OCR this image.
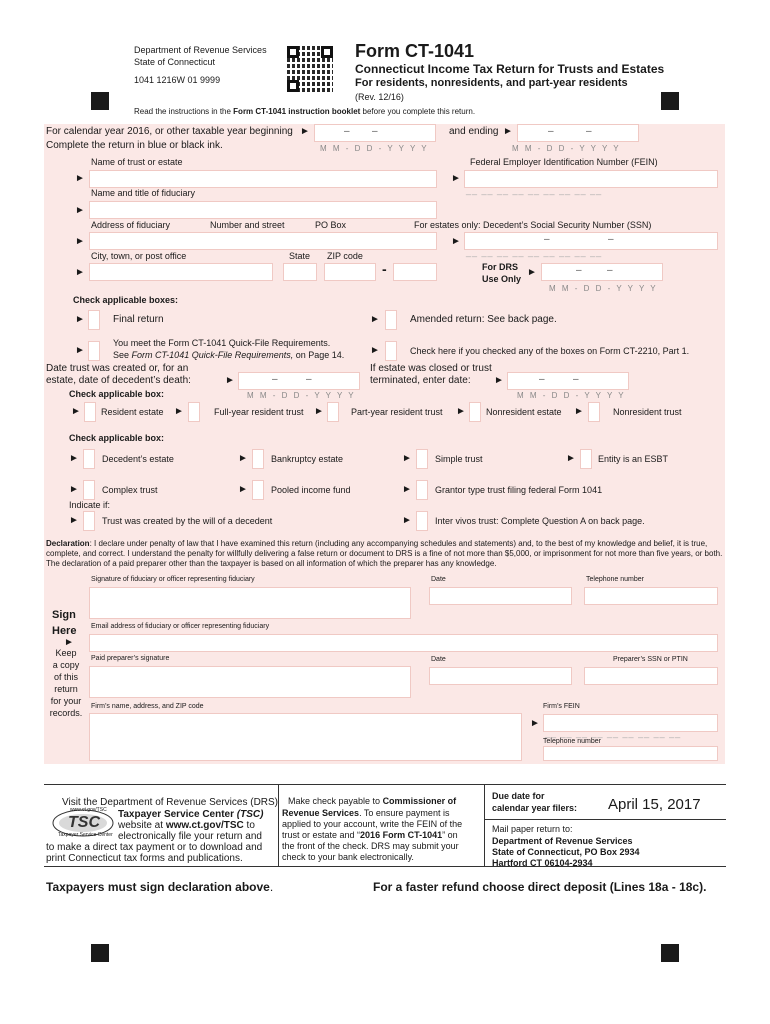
Department of Revenue Services
State of Connecticut
1041 1216W 01 9999
Form CT-1041
Connecticut Income Tax Return for Trusts and Estates
For residents, nonresidents, and part-year residents
(Rev. 12/16)
Read the instructions in the Form CT-1041 instruction booklet before you complete this return.
For calendar year 2016, or other taxable year beginning ►	– –
M M - D D - Y Y Y Y
Complete the return in blue or black ink.
and ending ►	–	–
M M - D D - Y Y Y Y
Name of trust or estate	Federal Employer Identification Number (FEIN)
►	►
__ __ __ __ __ __ __ __ __
Name and title of fiduciary
►
Address of fiduciary	Number and street	PO Box	For estates only: Decedent’s Social Security Number (SSN)
►	►	–	–
__ __ __ __ __ __ __ __ __
City, town, or post office	State ZIP code
►	-	For DRS
Use Only
►	–	–
M M - D D - Y Y Y Y
Check applicable boxes:
►	Final return	►	Amended return: See back page.
►
You meet the Form CT-1041 Quick-File Requirements.
See Form CT-1041 Quick-File Requirements, on Page 14.	►	Check here if you checked any of the boxes on Form CT-2210, Part 1.
Date trust was created or, for an
estate, date of decedent’s death:	►	–	–
If estate was closed or trust
terminated, enter date: ►	–	–
M M - D D - Y Y Y Y	M M - D D - Y Y Y Y
Check applicable box:
► Resident estate ►	Full-year resident trust ►	Part-year resident trust ► Nonresident estate ►	Nonresident trust
Check applicable box:
►	Decedent’s estate	►	Bankruptcy estate	►	Simple trust	► Entity is an ESBT
►	Complex trust	►	Pooled income fund	►	Grantor type trust filing federal Form 1041
Indicate if:
►	Trust was created by the will of a decedent	►	Inter vivos trust: Complete Question A on back page.
Declaration: I declare under penalty of law that I have examined this return (including any accompanying schedules and statements) and, to the best of my knowledge and belief, it is true, complete, and correct. I understand the penalty for willfully delivering a false return or document to DRS is a fine of not more than $5,000, or imprisonment for not more than five years, or both. The declaration of a paid preparer other than the taxpayer is based on all information of which the preparer has any knowledge.
Signature of fiduciary or officer representing fiduciary	Date	Telephone number
Sign
Here
►
Keep
a copy
of this
return
for your
records.
Email address of fiduciary or officer representing fiduciary
Paid preparer’s signature	Date	Preparer’s SSN or PTIN
Firm’s name, address, and ZIP code	Firm’s FEIN
►
__ __ __ __ __ __ __ __ __
Telephone number
Visit the Department of Revenue Services (DRS)
Taxpayer Service Center (TSC)
website at www.ct.gov/TSC to
electronically file your return and
to make a direct tax payment or to download and
print Connecticut tax forms and publications.
www.ct.gov/TSC
TSC
Taxpayer Service Center
Make check payable to Commissioner of
Revenue Services. To ensure payment is
applied to your account, write the FEIN of the
trust or estate and “2016 Form CT-1041” on
the front of the check. DRS may submit your
check to your bank electronically.
Due date for
calendar year filers: April 15, 2017
Mail paper return to:
Department of Revenue Services
State of Connecticut, PO Box 2934
Hartford CT 06104-2934
Taxpayers must sign declaration above.	For a faster refund choose direct deposit (Lines 18a - 18c).
